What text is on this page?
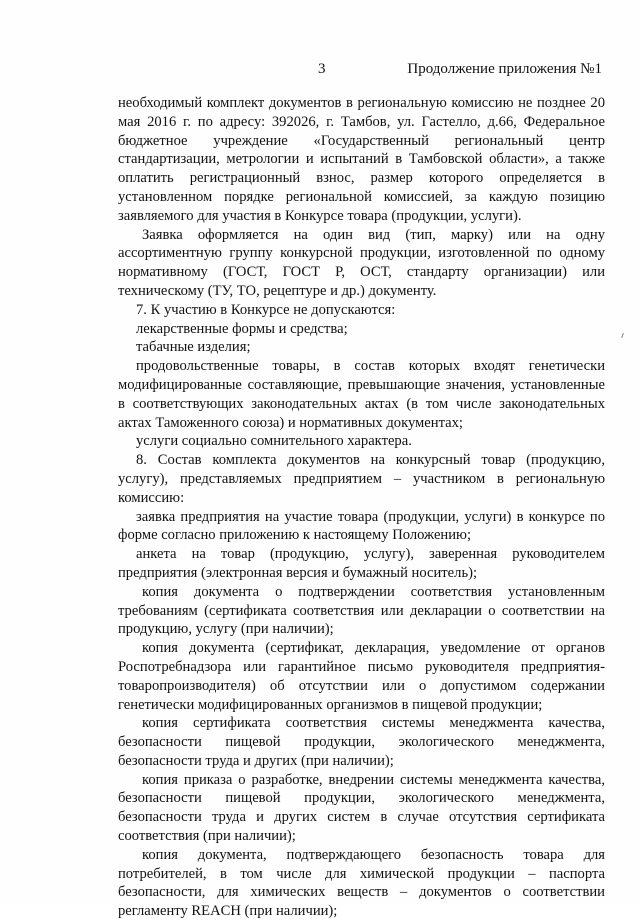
3	Продолжение приложения №1

необходимый комплект документов в региональную комиссию не позднее 20 мая 2016 г. по адресу: 392026, г. Тамбов, ул. Гастелло, д.66, Федеральное бюджетное учреждение «Государственный региональный центр стандартизации, метрологии и испытаний в Тамбовской области», а также оплатить регистрационный взнос, размер которого определяется в установленном порядке региональной комиссией, за каждую позицию заявляемого для участия в Конкурсе товара (продукции, услуги).

Заявка оформляется на один вид (тип, марку) или на одну ассортиментную группу конкурсной продукции, изготовленной по одному нормативному (ГОСТ, ГОСТ Р, ОСТ, стандарту организации) или техническому (ТУ, ТО, рецептуре и др.) документу.

7. К участию в Конкурсе не допускаются:

лекарственные формы и средства;

табачные изделия;

продовольственные товары, в состав которых входят генетически модифицированные составляющие, превышающие значения, установленные в соответствующих законодательных актах (в том числе законодательных актах Таможенного союза) и нормативных документах;

услуги социально сомнительного характера.

8. Состав комплекта документов на конкурсный товар (продукцию, услугу), представляемых предприятием – участником в региональную комиссию:

заявка предприятия на участие товара (продукции, услуги) в конкурсе по форме согласно приложению к настоящему Положению;

анкета на товар (продукцию, услугу), заверенная руководителем предприятия (электронная версия и бумажный носитель);

копия документа о подтверждении соответствия установленным требованиям (сертификата соответствия или декларации о соответствии на продукцию, услугу (при наличии);

копия документа (сертификат, декларация, уведомление от органов Роспотребнадзора или гарантийное письмо руководителя предприятия-товаропроизводителя) об отсутствии или о допустимом содержании генетически модифицированных организмов в пищевой продукции;

копия сертификата соответствия системы менеджмента качества, безопасности пищевой продукции, экологического менеджмента, безопасности труда и других (при наличии);

копия приказа о разработке, внедрении системы менеджмента качества, безопасности пищевой продукции, экологического менеджмента, безопасности труда и других систем в случае отсутствия сертификата соответствия (при наличии);

копия документа, подтверждающего безопасность товара для потребителей, в том числе для химической продукции – паспорта безопасности, для химических веществ – документов о соответствии регламенту REACH (при наличии);
